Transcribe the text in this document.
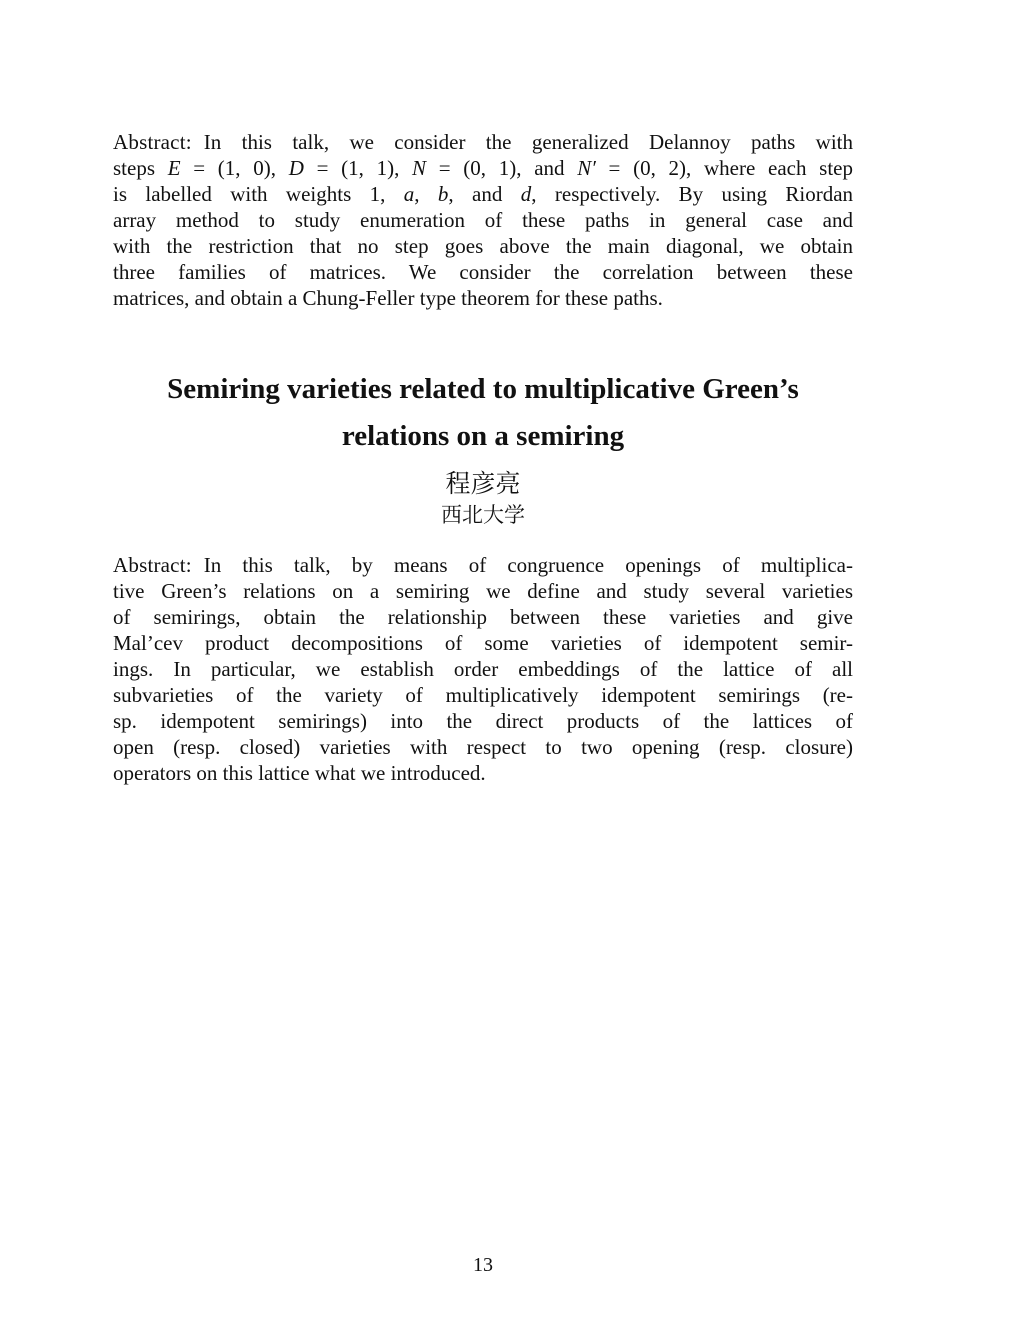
Abstract: In this talk, we consider the generalized Delannoy paths with
steps E = (1, 0), D = (1, 1), N = (0, 1), and N′ = (0, 2), where each step
is labelled with weights 1, a, b, and d, respectively. By using Riordan
array method to study enumeration of these paths in general case and
with the restriction that no step goes above the main diagonal, we obtain
three families of matrices. We consider the correlation between these
matrices, and obtain a Chung-Feller type theorem for these paths.
Semiring varieties related to multiplicative Green’s
relations on a semiring
程彦亮
西北大学
Abstract: In this talk, by means of congruence openings of multiplica-
tive Green’s relations on a semiring we define and study several varieties
of semirings, obtain the relationship between these varieties and give
Mal’cev product decompositions of some varieties of idempotent semir-
ings. In particular, we establish order embeddings of the lattice of all
subvarieties of the variety of multiplicatively idempotent semirings (re-
sp. idempotent semirings) into the direct products of the lattices of
open (resp. closed) varieties with respect to two opening (resp. closure)
operators on this lattice what we introduced.
13
